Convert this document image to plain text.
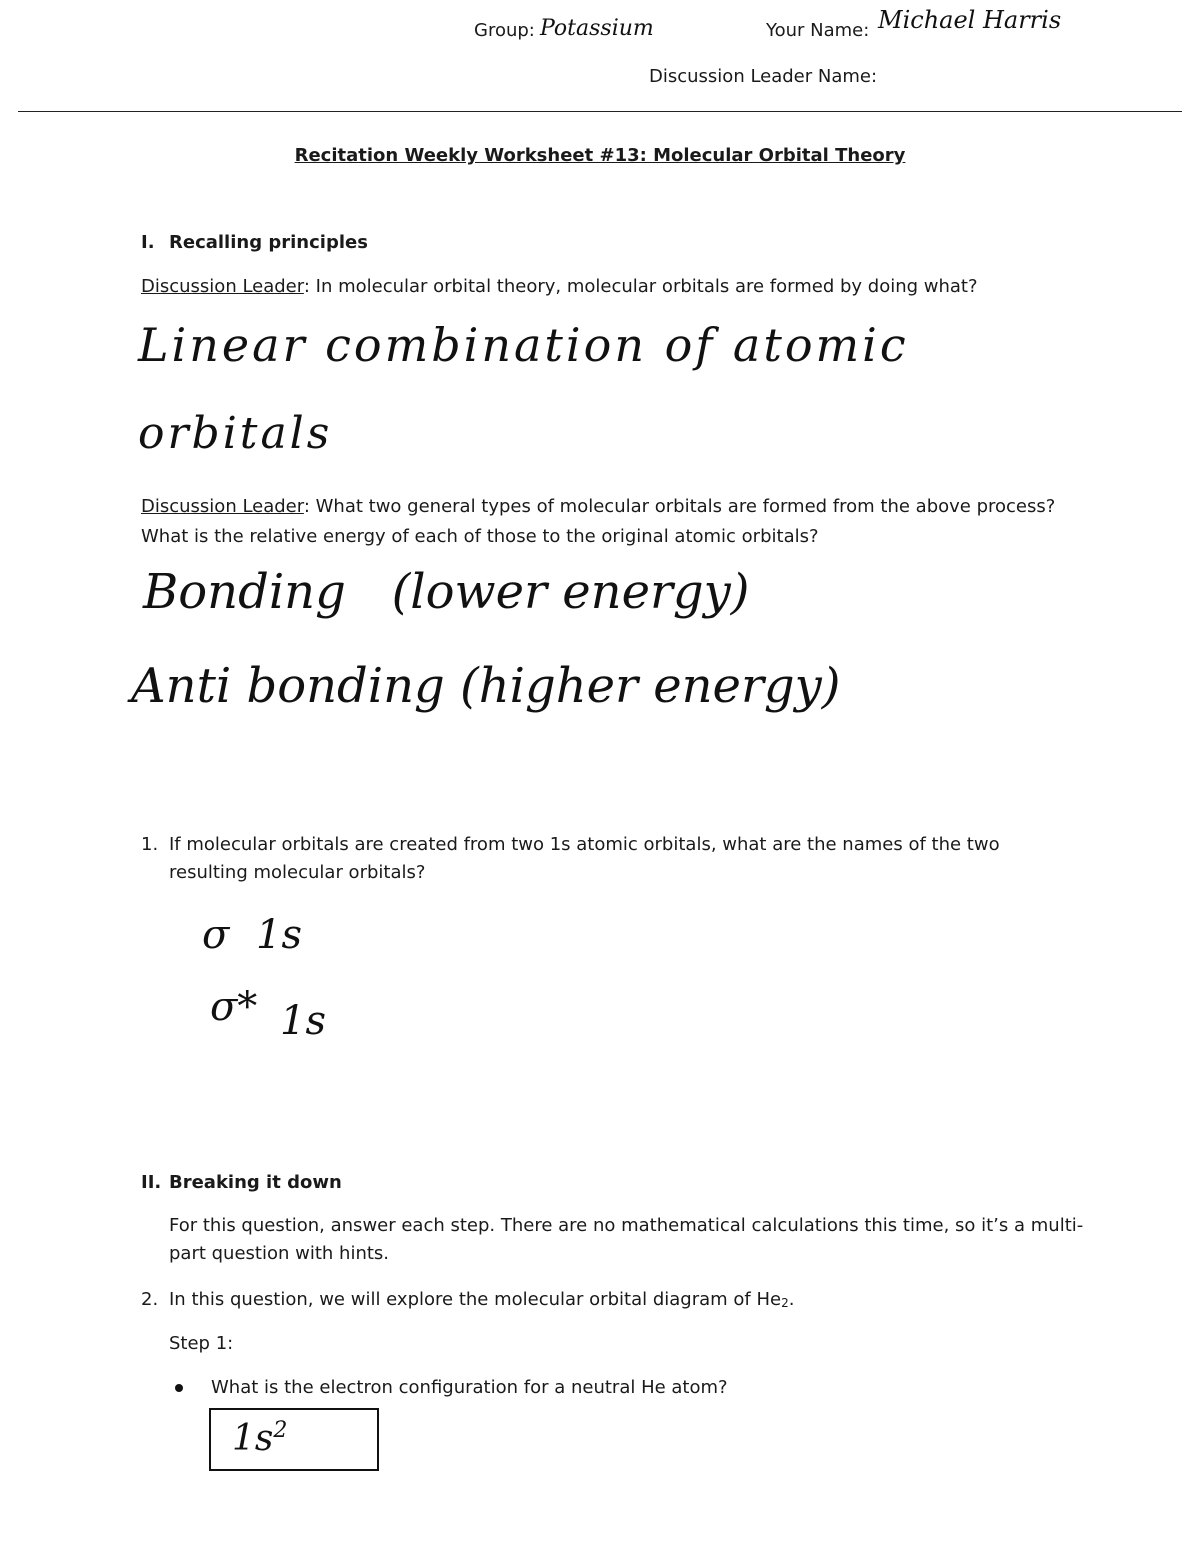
Group: Potassium	Your Name: Michael Harris
Discussion Leader Name:
Recitation Weekly Worksheet #13: Molecular Orbital Theory
I. Recalling principles
Discussion Leader: In molecular orbital theory, molecular orbitals are formed by doing what?
Linear combination of atomic
orbitals
Discussion Leader: What two general types of molecular orbitals are formed from the above process?
What is the relative energy of each of those to the original atomic orbitals?
Bonding   (lower energy)
Anti bonding (higher energy)
1. If molecular orbitals are created from two 1s atomic orbitals, what are the names of the two
resulting molecular orbitals?
σ 1s
σ* 1s
II. Breaking it down
For this question, answer each step. There are no mathematical calculations this time, so it’s a multi-
part question with hints.
2. In this question, we will explore the molecular orbital diagram of He2.
Step 1:
What is the electron configuration for a neutral He atom?
$1s^2$
